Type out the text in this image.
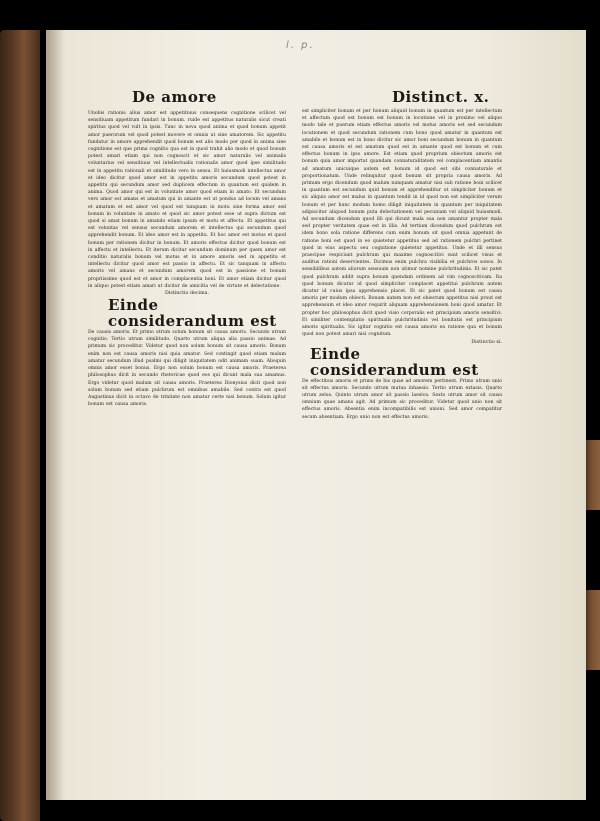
l. p.
De amore	Distinct. x.

Unobis rationis alius amor est appetitiuus consequens cognitione scilicet vel sensitiuam appetitum fundari in bonum. ruide est appetitus naturalis sicut creati spiritus quod vel vult in ipsis. Tunc in nova quod anima et quod bonum appetit amor puerorum vel quod potest movere et omnis ut sine amatorem. Sic appetitu fundatur in amore apprehendit quod bonum est alio modo per quod in anima sine cognitione est que prima cognitio qua est in quod trahit alio modo et quod bonum potest amari etiam qui non cognoscit et sic amor naturalis vel animalis voluntarius vel sensitiuus vel intellectualis rationalis amor quod ipse similitudo est in appetitu rationali et similitudo vero in sensu. Et huiusmodi intellectus amor et ideo dicitur quod amor est in appetitu amoris secundum quod potest in appetitu qui secundum amor sed duplicem effectum in quantum est quidem in anima. Quod amor qui est in voluntate amor quod etiam in amato. Et secundum vero amor est amans et amatum qui in amante est ut pondus ad locum vel amans et amatum et est amor vel quod est tanquam in motu sine forma amor sed bonum in voluntate in amato et quod sic amor potest esse ut supra dictum est quod si amat bonum in amando etiam ipsum et motu et affectu. Et appetitus qui est voluntas vel sensus secundum amorem et intellectus qui secundum quod apprehendit bonum. Et ideo amor est in appetitu. Et hoc amor est motus et quod bonum per rationem dicitur in bonum. Et amoris effectus dicitur quod bonum est in affectu et intellectu. Et iterum dicitur secundum dominum per quem amor est conditio naturalis bonum vel motus et in amore amoris sed in appetitu et intellectu dicitur quod amor est passio in affectu. Et sic tanquam in affectu amoris vel amans et secundum amorem quod est in passione et bonum propriissime quod est et amor in complacentia boni. Et amor etiam dicitur quod in aliquo potest etiam amari ut dicitur de amicitia vel de virtute et delectatione.

Distinctio decima.

Einde considerandum est

De causis amoris. Et primo utrum solum bonum sit causa amoris. Secundo utrum cognitio. Tertio utrum similitudo. Quarto utrum aliqua alia passio animae. Ad primum sic proceditur. Videtur quod non solum bonum sit causa amoris. Bonum enim non est causa amoris nisi quia amatur. Sed contingit quod etiam malum amatur secundum illud psalmi qui diligit iniquitatem odit animam suam. Alioquin omnis amor esset bonus. Ergo non solum bonum est causa amoris. Praeterea philosophus dicit in secundo rhetoricae quod eos qui dicunt mala sua amamus. Ergo videtur quod malum sit causa amoris. Praeterea Dionysius dicit quod non solum bonum sed etiam pulchrum est omnibus amabile. Sed contra est quod Augustinus dicit in octavo de trinitate non amatur certe nisi bonum. Solum igitur bonum est causa amoris.

est simpliciter bonum et per bonum aliquid bonum in quantum est per intellectum et affectum quod est bonum est bonum in locutione vel in proximo vel aliquo modo tale et puerum etiam effectus amoris vel motus amoris est sed secundum locutionem et quod secundum rationem cum bono quod amatur in quantum est amabile et bonum est in bono dicitur sic amor boni secundum bonum in quantum est causa amoris et est amatum quod est in amante quod est bonum et cum effectus bonum in ipso amore. Est etiam quod proprium obiectum amoris est bonum quia amor importat quandam connaturalitatem vel complacentiam amantis ad amatum unicuique autem est bonum id quod est sibi connaturale et proportionatum. Unde relinquitur quod bonum sit propria causa amoris. Ad primum ergo dicendum quod malum nunquam amatur nisi sub ratione boni scilicet in quantum est secundum quid bonum et apprehenditur ut simpliciter bonum et sic aliquis amor est malus in quantum tendit in id quod non est simpliciter verum bonum et per hunc modum homo diligit iniquitatem in quantum per iniquitatem adipiscitur aliquod bonum puta delectationem vel pecuniam vel aliquid huiusmodi. Ad secundum dicendum quod illi qui dicunt mala sua non amantur propter mala sed propter veritatem quae est in illis. Ad tertium dicendum quod pulchrum est idem bono sola ratione differens cum enim bonum sit quod omnia appetunt de ratione boni est quod in eo quietetur appetitus sed ad rationem pulchri pertinet quod in eius aspectu seu cognitione quietetur appetitus. Unde et illi sensus praecipue respiciunt pulchrum qui maxime cognoscitivi sunt scilicet visus et auditus rationi deservientes. Dicimus enim pulchra visibilia et pulchros sonos. In sensibilibus autem aliorum sensuum non utimur nomine pulchritudinis. Et sic patet quod pulchrum addit supra bonum quendam ordinem ad vim cognoscitivam. Ita quod bonum dicatur id quod simpliciter complacet appetitui pulchrum autem dicatur id cuius ipsa apprehensio placet. Et sic patet quod bonum est causa amoris per modum obiecti. Bonum autem non est obiectum appetitus nisi prout est apprehensum et ideo amor requirit aliquam apprehensionem boni quod amatur. Et propter hoc philosophus dicit quod visio corporalis est principium amoris sensitivi. Et similiter contemplatio spiritualis pulchritudinis vel bonitatis est principium amoris spiritualis. Sic igitur cognitio est causa amoris ea ratione qua et bonum quod non potest amari nisi cognitum.

Distinctio xi.

Einde considerandum est

De effectibus amoris et primo de his quae ad amorem pertinent. Primo utrum unio sit effectus amoris. Secundo utrum mutua inhaesio. Tertio utrum extasis. Quarto utrum zelus. Quinto utrum amor sit passio laesiva. Sexto utrum amor sit causa omnium quae amans agit. Ad primum sic proceditur. Videtur quod unio non sit effectus amoris. Absentia enim incompatibilis est unioni. Sed amor compatitur secum absentiam. Ergo unio non est effectus amoris.
